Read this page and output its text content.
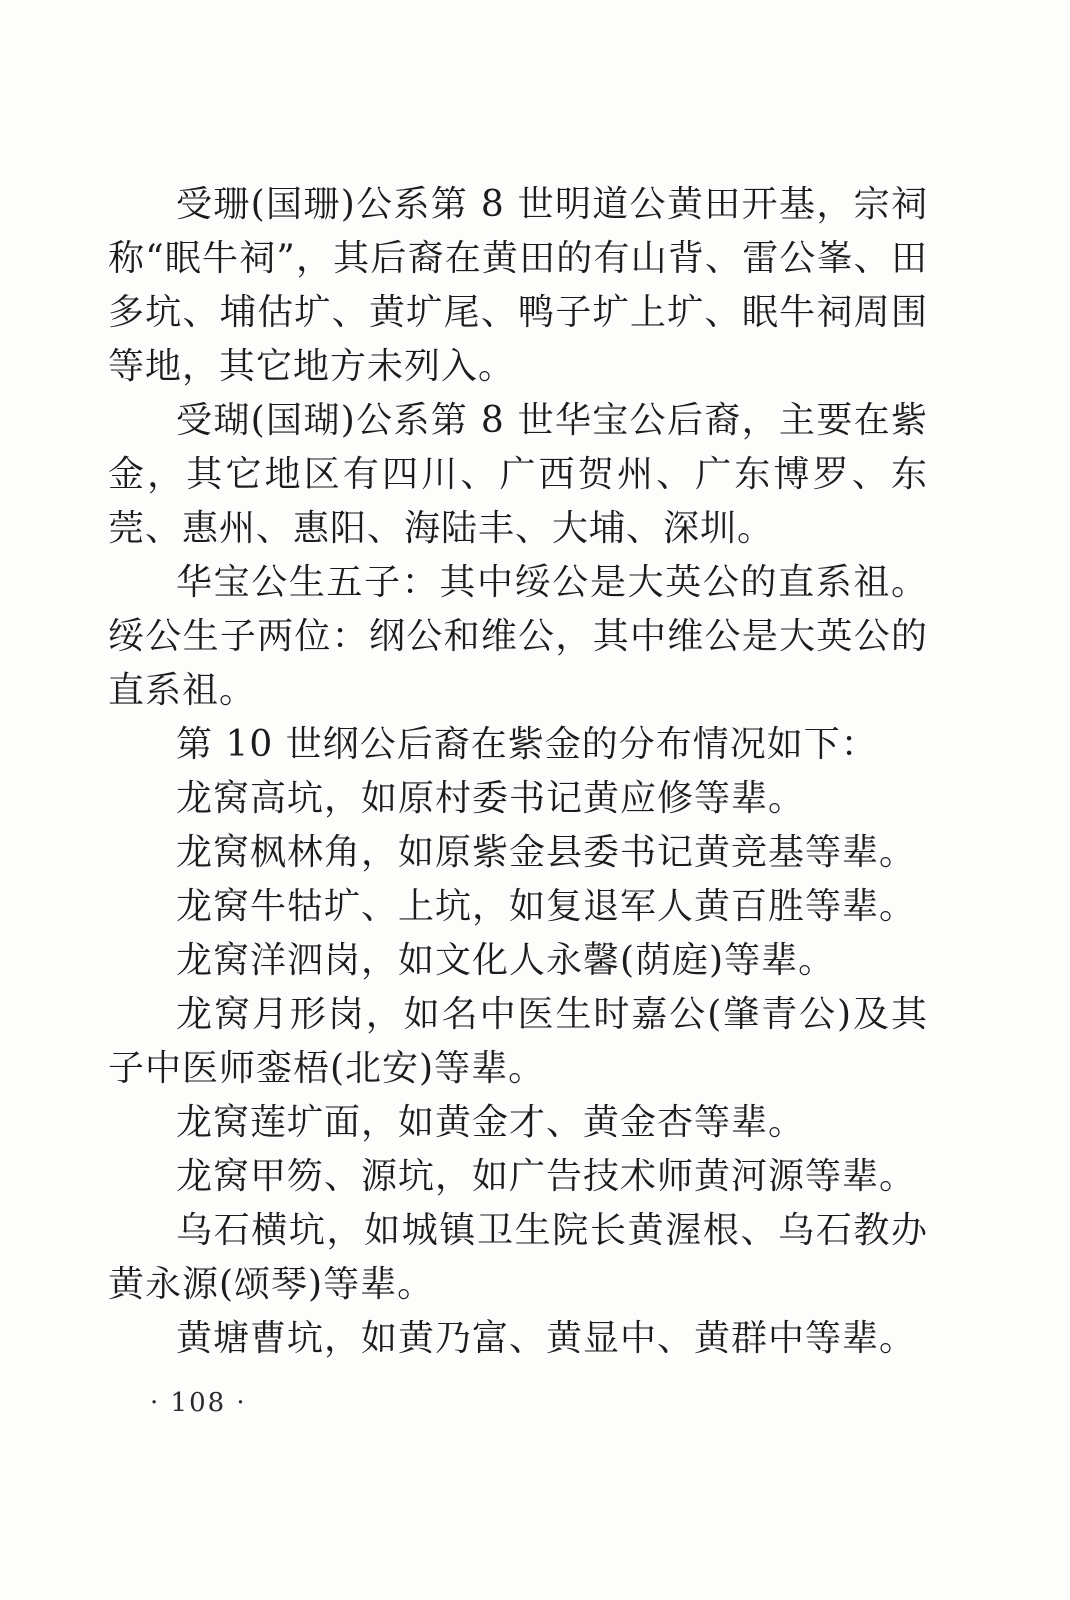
受珊(国珊)公系第 8 世明道公黄田开基，宗祠称“眠牛祠”，其后裔在黄田的有山背、雷公峯、田多坑、埔估圹、黄圹尾、鸭子圹上圹、眠牛祠周围等地，其它地方未列入。

受瑚(国瑚)公系第 8 世华宝公后裔，主要在紫金，其它地区有四川、广西贺州、广东博罗、东莞、惠州、惠阳、海陆丰、大埔、深圳。

华宝公生五子：其中绥公是大英公的直系祖。绥公生子两位：纲公和维公，其中维公是大英公的直系祖。

第 10 世纲公后裔在紫金的分布情况如下：

龙窝高坑，如原村委书记黄应修等辈。

龙窝枫林角，如原紫金县委书记黄竞基等辈。

龙窝牛牯圹、上坑，如复退军人黄百胜等辈。

龙窝洋泗岗，如文化人永馨(荫庭)等辈。

龙窝月形岗，如名中医生时嘉公(肇青公)及其子中医师銮梧(北安)等辈。

龙窝莲圹面，如黄金才、黄金杏等辈。

龙窝甲笏、源坑，如广告技术师黄河源等辈。

乌石横坑，如城镇卫生院长黄渥根、乌石教办黄永源(颂琴)等辈。

黄塘曹坑，如黄乃富、黄显中、黄群中等辈。

· 108 ·
